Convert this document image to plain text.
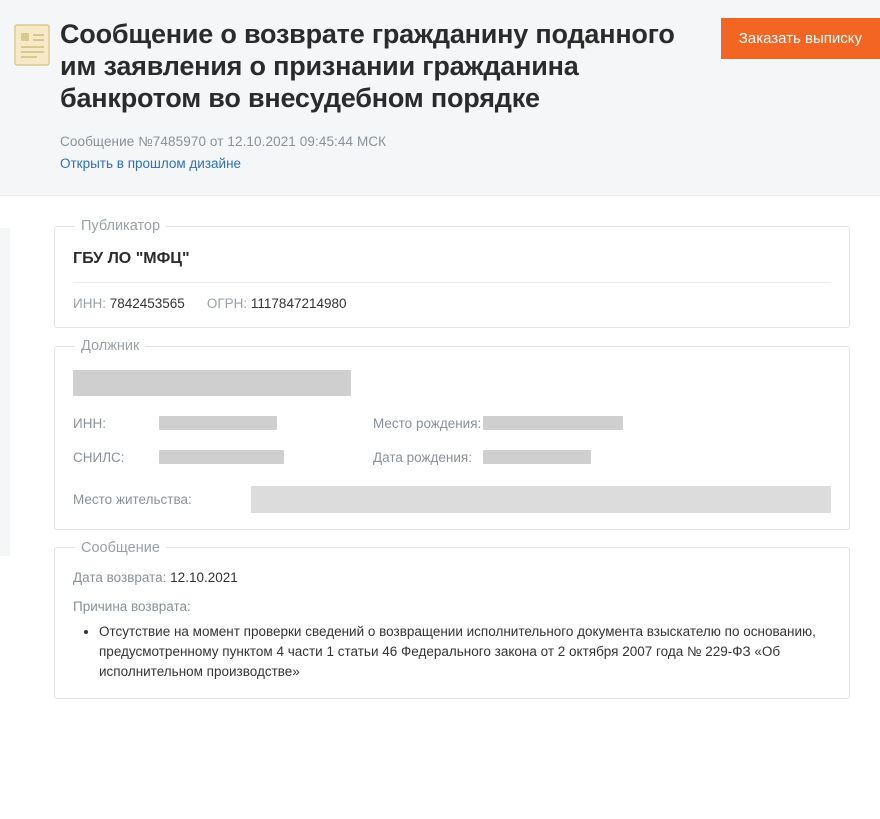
Сообщение о возврате гражданину поданного им заявления о признании гражданина банкротом во внесудебном порядке
Сообщение №7485970 от 12.10.2021 09:45:44 МСК
Открыть в прошлом дизайне
Заказать выписку
Публикатор
ГБУ ЛО "МФЦ"
ИНН: 7842453565 ОГРН: 1117847214980
Должник
ИНН:
СНИЛС:
Место рождения:
Дата рождения:
Место жительства:
Сообщение
Дата возврата: 12.10.2021
Причина возврата:
• Отсутствие на момент проверки сведений о возвращении исполнительного документа взыскателю по основанию, предусмотренному пунктом 4 части 1 статьи 46 Федерального закона от 2 октября 2007 года № 229-ФЗ «Об исполнительном производстве»
